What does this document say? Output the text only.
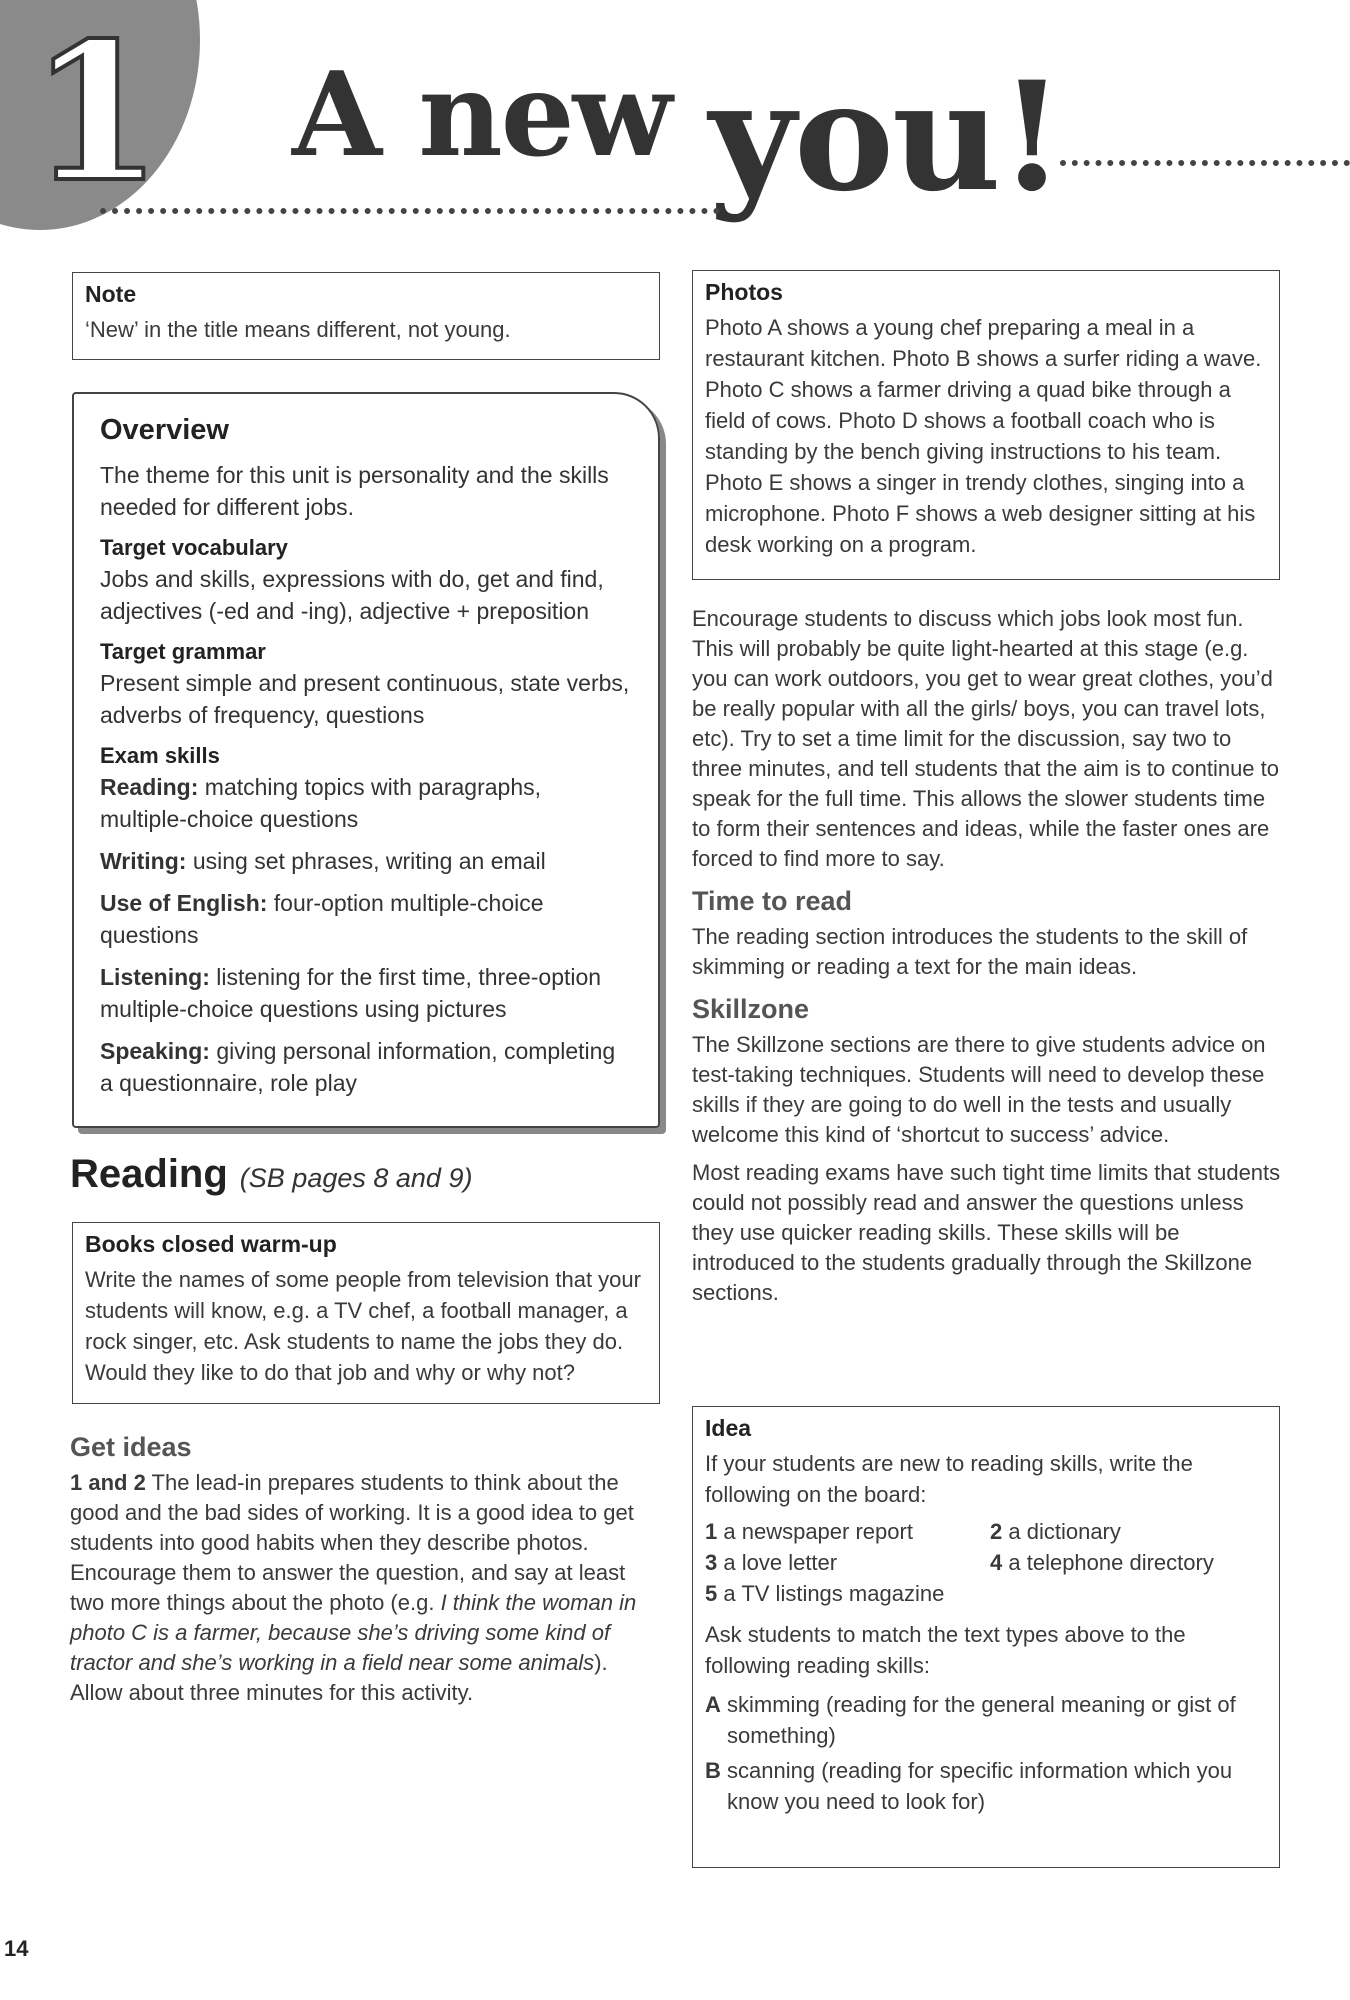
1 A new you!
Note

‘New’ in the title means different, not young.

Overview

The theme for this unit is personality and the skills needed for different jobs.

Target vocabulary

Jobs and skills, expressions with do, get and find, adjectives (-ed and -ing), adjective + preposition

Target grammar

Present simple and present continuous, state verbs, adverbs of frequency, questions

Exam skills

Reading: matching topics with paragraphs, multiple-choice questions

Writing: using set phrases, writing an email

Use of English: four-option multiple-choice questions

Listening: listening for the first time, three-option multiple-choice questions using pictures

Speaking: giving personal information, completing a questionnaire, role play

Reading (SB pages 8 and 9)
Books closed warm-up

Write the names of some people from television that your students will know, e.g. a TV chef, a football manager, a rock singer, etc. Ask students to name the jobs they do. Would they like to do that job and why or why not?

Get ideas

1 and 2 The lead-in prepares students to think about the good and the bad sides of working. It is a good idea to get students into good habits when they describe photos. Encourage them to answer the question, and say at least two more things about the photo (e.g. I think the woman in photo C is a farmer, because she’s driving some kind of tractor and she’s working in a field near some animals). Allow about three minutes for this activity.

Photos

Photo A shows a young chef preparing a meal in a restaurant kitchen. Photo B shows a surfer riding a wave. Photo C shows a farmer driving a quad bike through a field of cows. Photo D shows a football coach who is standing by the bench giving instructions to his team. Photo E shows a singer in trendy clothes, singing into a microphone. Photo F shows a web designer sitting at his desk working on a program.

Encourage students to discuss which jobs look most fun. This will probably be quite light-hearted at this stage (e.g. you can work outdoors, you get to wear great clothes, you’d be really popular with all the girls/ boys, you can travel lots, etc). Try to set a time limit for the discussion, say two to three minutes, and tell students that the aim is to continue to speak for the full time. This allows the slower students time to form their sentences and ideas, while the faster ones are forced to find more to say.

Time to read

The reading section introduces the students to the skill of skimming or reading a text for the main ideas.

Skillzone

The Skillzone sections are there to give students advice on test-taking techniques. Students will need to develop these skills if they are going to do well in the tests and usually welcome this kind of ‘shortcut to success’ advice.

Most reading exams have such tight time limits that students could not possibly read and answer the questions unless they use quicker reading skills. These skills will be introduced to the students gradually through the Skillzone sections.

Idea

If your students are new to reading skills, write the following on the board:

1 a newspaper report	2 a dictionary

3 a love letter	4 a telephone directory

5 a TV listings magazine

Ask students to match the text types above to the following reading skills:

A skimming (reading for the general meaning or gist of something)

B scanning (reading for specific information which you know you need to look for)

14
